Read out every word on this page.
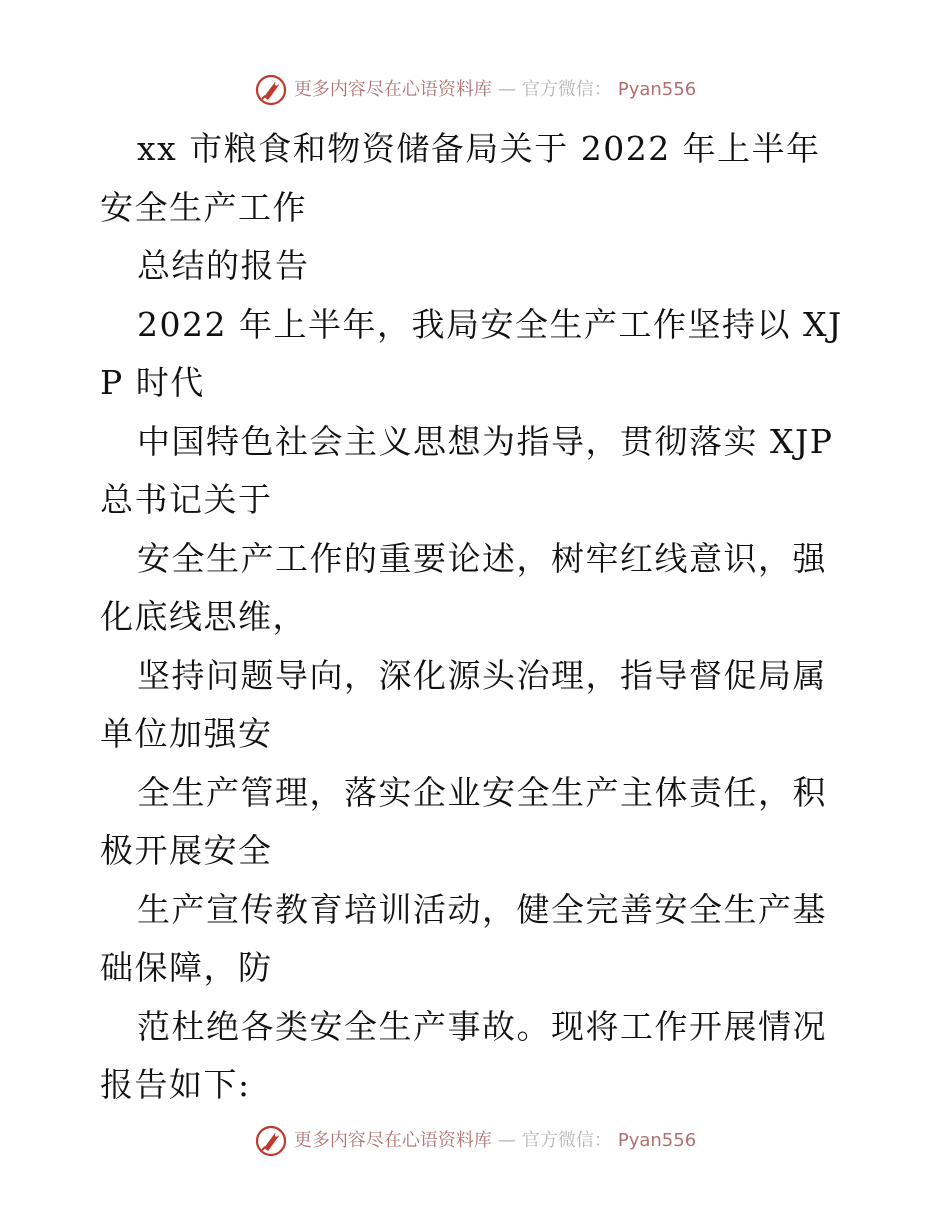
更多内容尽在心语资料库 — 官方微信： Pyan556

xx 市粮食和物资储备局关于 2022 年上半年安全生产工作

总结的报告

2022 年上半年，我局安全生产工作坚持以 XJP 时代

中国特色社会主义思想为指导，贯彻落实 XJP 总书记关于

安全生产工作的重要论述，树牢红线意识，强化底线思维，

坚持问题导向，深化源头治理，指导督促局属单位加强安

全生产管理，落实企业安全生产主体责任，积极开展安全

生产宣传教育培训活动，健全完善安全生产基础保障，防

范杜绝各类安全生产事故。现将工作开展情况报告如下:

更多内容尽在心语资料库 — 官方微信： Pyan556
